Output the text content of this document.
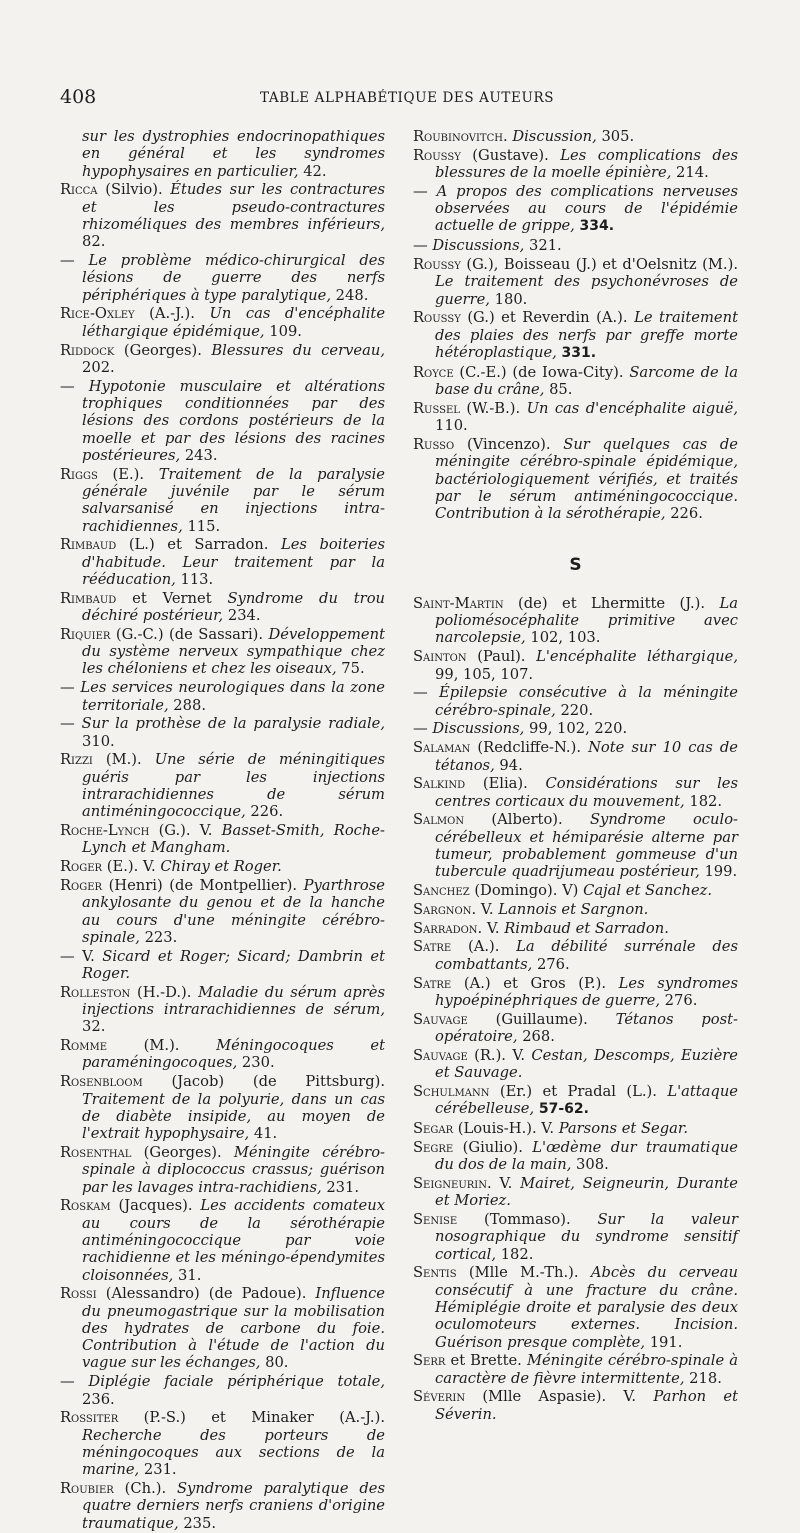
408	TABLE ALPHABÉTIQUE DES AUTEURS

sur les dystrophies endocrinopathiques en général et les syndromes hypophysaires en particulier, 42.

Ricca (Silvio). Études sur les contractures et les pseudo-contractures rhizoméliques des membres inférieurs, 82.

— Le problème médico-chirurgical des lésions de guerre des nerfs périphériques à type paralytique, 248.

Rice-Oxley (A.-J.). Un cas d'encéphalite léthargique épidémique, 109.

Riddock (Georges). Blessures du cerveau, 202.

— Hypotonie musculaire et altérations trophiques conditionnées par des lésions des cordons postérieurs de la moelle et par des lésions des racines postérieures, 243.

Riggs (E.). Traitement de la paralysie générale juvénile par le sérum salvarsanisé en injections intra-rachidiennes, 115.

Rimbaud (L.) et Sarradon. Les boiteries d'habitude. Leur traitement par la rééducation, 113.

Rimbaud et Vernet Syndrome du trou déchiré postérieur, 234.

Riquier (G.-C.) (de Sassari). Développement du système nerveux sympathique chez les chéloniens et chez les oiseaux, 75.

— Les services neurologiques dans la zone territoriale, 288.

— Sur la prothèse de la paralysie radiale, 310.

Rizzi (M.). Une série de méningitiques guéris par les injections intrarachidiennes de sérum antiméningococcique, 226.

Roche-Lynch (G.). V. Basset-Smith, Roche-Lynch et Mangham.

Roger (E.). V. Chiray et Roger.

Roger (Henri) (de Montpellier). Pyarthrose ankylosante du genou et de la hanche au cours d'une méningite cérébro-spinale, 223.

— V. Sicard et Roger; Sicard; Dambrin et Roger.

Rolleston (H.-D.). Maladie du sérum après injections intrarachidiennes de sérum, 32.

Romme (M.). Méningocoques et paraméningocoques, 230.

Rosenbloom (Jacob) (de Pittsburg). Traitement de la polyurie, dans un cas de diabète insipide, au moyen de l'extrait hypophysaire, 41.

Rosenthal (Georges). Méningite cérébro-spinale à diplococcus crassus; guérison par les lavages intra-rachidiens, 231.

Roskam (Jacques). Les accidents comateux au cours de la sérothérapie antiméningococcique par voie rachidienne et les méningo-épendymites cloisonnées, 31.

Rossi (Alessandro) (de Padoue). Influence du pneumogastrique sur la mobilisation des hydrates de carbone du foie. Contribution à l'étude de l'action du vague sur les échanges, 80.

— Diplégie faciale périphérique totale, 236.

Rossiter (P.-S.) et Minaker (A.-J.). Recherche des porteurs de méningocoques aux sections de la marine, 231.

Roubier (Ch.). Syndrome paralytique des quatre derniers nerfs craniens d'origine traumatique, 235.

Roubinovitch. Discussion, 305.

Roussy (Gustave). Les complications des blessures de la moelle épinière, 214.

— A propos des complications nerveuses observées au cours de l'épidémie actuelle de grippe, 334.

— Discussions, 321.

Roussy (G.), Boisseau (J.) et d'Oelsnitz (M.). Le traitement des psychonévroses de guerre, 180.

Roussy (G.) et Reverdin (A.). Le traitement des plaies des nerfs par greffe morte hétéroplastique, 331.

Royce (C.-E.) (de Iowa-City). Sarcome de la base du crâne, 85.

Russel (W.-B.). Un cas d'encéphalite aiguë, 110.

Russo (Vincenzo). Sur quelques cas de méningite cérébro-spinale épidémique, bactériologiquement vérifiés, et traités par le sérum antiméningococcique. Contribution à la sérothérapie, 226.

S

Saint-Martin (de) et Lhermitte (J.). La poliomésocéphalite primitive avec narcolepsie, 102, 103.

Sainton (Paul). L'encéphalite léthargique, 99, 105, 107.

— Épilepsie consécutive à la méningite cérébro-spinale, 220.

— Discussions, 99, 102, 220.

Salaman (Redcliffe-N.). Note sur 10 cas de tétanos, 94.

Salkind (Elia). Considérations sur les centres corticaux du mouvement, 182.

Salmon (Alberto). Syndrome oculo-cérébelleux et hémiparésie alterne par tumeur, probablement gommeuse d'un tubercule quadrijumeau postérieur, 199.

Sanchez (Domingo). V) Cajal et Sanchez.

Sargnon. V. Lannois et Sargnon.

Sarradon. V. Rimbaud et Sarradon.

Satre (A.). La débilité surrénale des combattants, 276.

Satre (A.) et Gros (P.). Les syndromes hypoépinéphriques de guerre, 276.

Sauvage (Guillaume). Tétanos post-opératoire, 268.

Sauvage (R.). V. Cestan, Descomps, Euzière et Sauvage.

Schulmann (Er.) et Pradal (L.). L'attaque cérébelleuse, 57-62.

Segar (Louis-H.). V. Parsons et Segar.

Segre (Giulio). L'œdème dur traumatique du dos de la main, 308.

Seigneurin. V. Mairet, Seigneurin, Durante et Moriez.

Senise (Tommaso). Sur la valeur nosographique du syndrome sensitif cortical, 182.

Sentis (Mlle M.-Th.). Abcès du cerveau consécutif à une fracture du crâne. Hémiplégie droite et paralysie des deux oculomoteurs externes. Incision. Guérison presque complète, 191.

Serr et Brette. Méningite cérébro-spinale à caractère de fièvre intermittente, 218.

Séverin (Mlle Aspasie). V. Parhon et Séverin.
